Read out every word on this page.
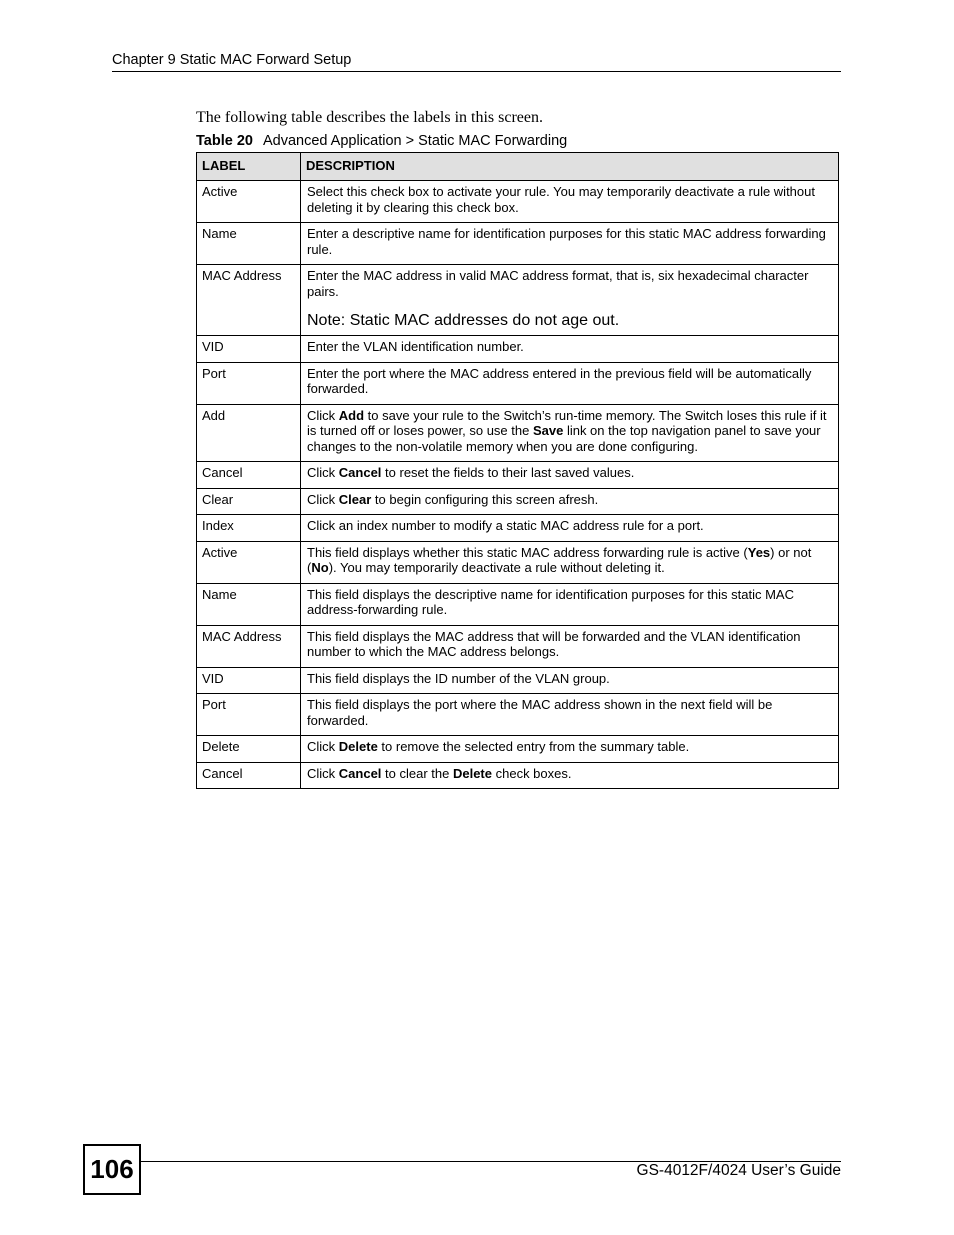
Chapter 9 Static MAC Forward Setup
The following table describes the labels in this screen.
Table 20 Advanced Application > Static MAC Forwarding
LABEL	DESCRIPTION
Active	Select this check box to activate your rule. You may temporarily deactivate a rule without deleting it by clearing this check box.
Name	Enter a descriptive name for identification purposes for this static MAC address forwarding rule.
MAC Address	Enter the MAC address in valid MAC address format, that is, six hexadecimal character pairs.
Note: Static MAC addresses do not age out.

VID	Enter the VLAN identification number.
Port	Enter the port where the MAC address entered in the previous field will be automatically forwarded.
Add	Click Add to save your rule to the Switch’s run-time memory. The Switch loses this rule if it is turned off or loses power, so use the Save link on the top navigation panel to save your changes to the non-volatile memory when you are done configuring.
Cancel	Click Cancel to reset the fields to their last saved values.
Clear	Click Clear to begin configuring this screen afresh.
Index	Click an index number to modify a static MAC address rule for a port.
Active	This field displays whether this static MAC address forwarding rule is active (Yes) or not (No). You may temporarily deactivate a rule without deleting it.
Name	This field displays the descriptive name for identification purposes for this static MAC address-forwarding rule.
MAC Address	This field displays the MAC address that will be forwarded and the VLAN identification number to which the MAC address belongs.
VID	This field displays the ID number of the VLAN group.
Port	This field displays the port where the MAC address shown in the next field will be forwarded.
Delete	Click Delete to remove the selected entry from the summary table.
Cancel	Click Cancel to clear the Delete check boxes.
106	GS-4012F/4024 User’s Guide
